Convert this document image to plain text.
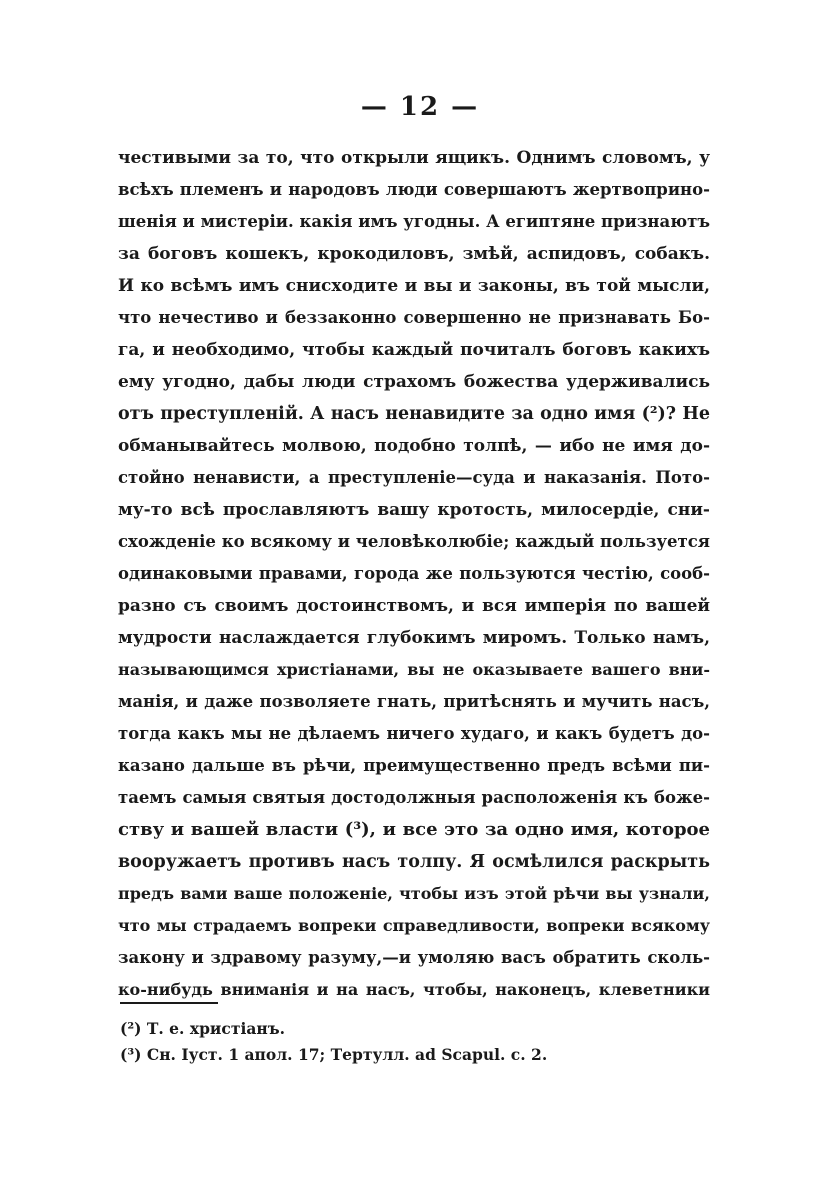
— 12 —
честивыми за то, что открыли ящикъ. Однимъ словомъ, у
всѣхъ племенъ и народовъ люди совершаютъ жертвоприно-
шенія и мистеріи. какія имъ угодны. А египтяне признаютъ
за боговъ кошекъ, крокодиловъ, змѣй, аспидовъ, собакъ.
И ко всѣмъ имъ снисходите и вы и законы, въ той мысли,
что нечестиво и беззаконно совершенно не признавать Бо-
га, и необходимо, чтобы каждый почиталъ боговъ какихъ
ему угодно, дабы люди страхомъ божества удерживались
отъ преступленій. А насъ ненавидите за одно имя (²)? Не
обманывайтесь молвою, подобно толпѣ, — ибо не имя до-
стойно ненависти, а преступленіе—суда и наказанія. Пото-
му-то всѣ прославляютъ вашу кротость, милосердіе, сни-
схожденіе ко всякому и человѣколюбіе; каждый пользуется
одинаковыми правами, города же пользуются честію, сооб-
разно съ своимъ достоинствомъ, и вся имперія по вашей
мудрости наслаждается глубокимъ миромъ. Только намъ,
называющимся христіанами, вы не оказываете вашего вни-
манія, и даже позволяете гнать, притѣснять и мучить насъ,
тогда какъ мы не дѣлаемъ ничего худаго, и какъ будетъ до-
казано дальше въ рѣчи, преимущественно предъ всѣми пи-
таемъ самыя святыя достодолжныя расположенія къ боже-
ству и вашей власти (³), и все это за одно имя, которое
вооружаетъ противъ насъ толпу. Я осмѣлился раскрыть
предъ вами ваше положеніе, чтобы изъ этой рѣчи вы узнали,
что мы страдаемъ вопреки справедливости, вопреки всякому
закону и здравому разуму,—и умоляю васъ обратить сколь-
ко-нибудь вниманія и на насъ, чтобы, наконецъ, клеветники
(²) Т. е. христіанъ.
(³) Сн. Іуст. 1 апол. 17; Тертулл. ad Scapul. с. 2.
